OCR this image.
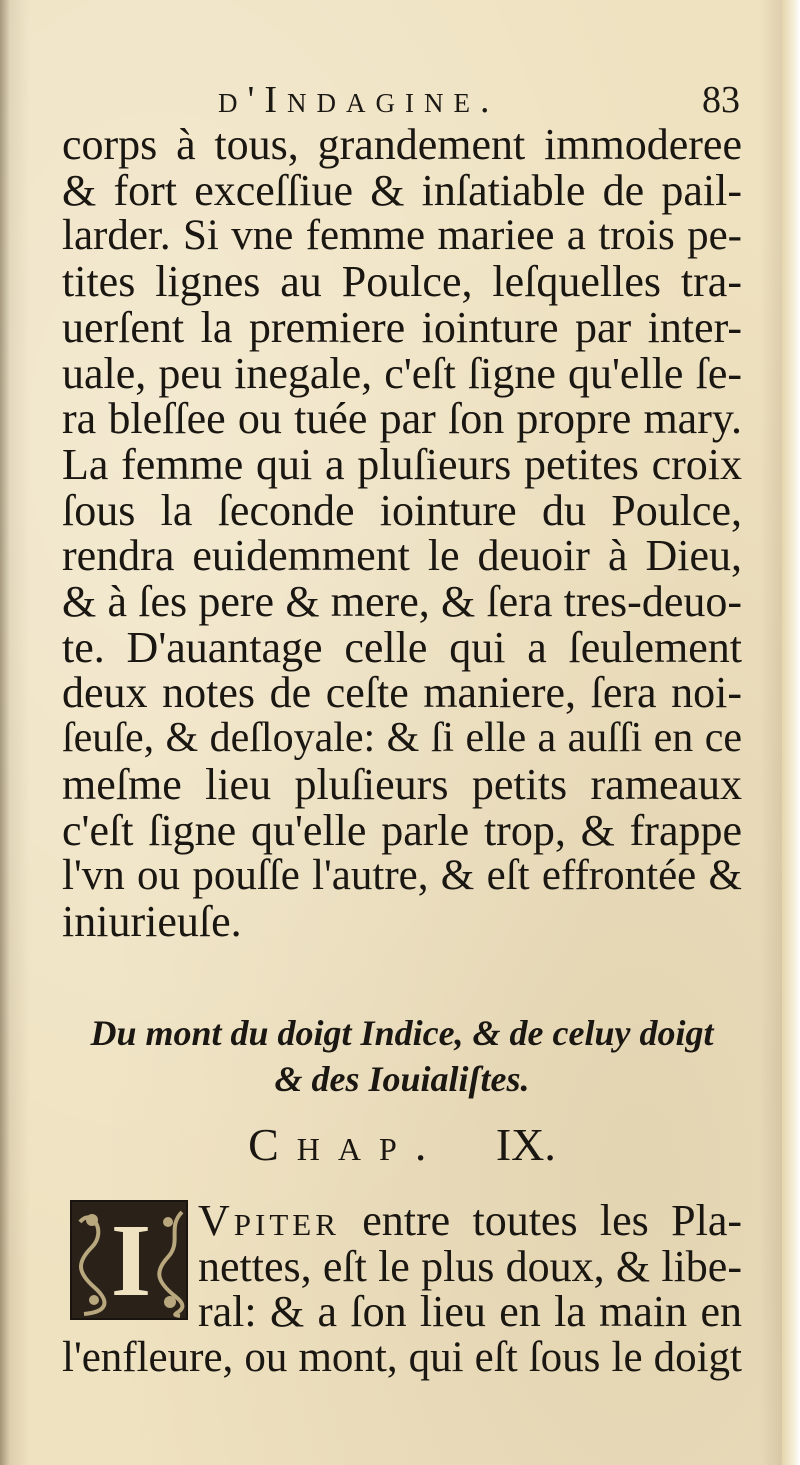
d'Indagine.	83
corps à tous, grandement immoderee
& fort exceſſiue & inſatiable de pail-
larder. Si vne femme mariee a trois pe-
tites lignes au Poulce, leſquelles tra-
uerſent la premiere iointure par inter-
uale, peu inegale, c'eſt ſigne qu'elle ſe-
ra bleſſee ou tuée par ſon propre mary.
La femme qui a pluſieurs petites croix
ſous la ſeconde iointure du Poulce,
rendra euidemment le deuoir à Dieu,
& à ſes pere & mere, & ſera tres-deuo-
te. D'auantage celle qui a ſeulement
deux notes de ceſte maniere, ſera noi-
ſeuſe, & deſloyale: & ſi elle a auſſi en ce
meſme lieu pluſieurs petits rameaux
c'eſt ſigne qu'elle parle trop, & frappe
l'vn ou pouſſe l'autre, & eſt effrontée &
iniurieuſe.
Du mont du doigt Indice, & de celuy doigt
& des Iouialiſtes.
Chap. IX.
I	Vpiter entre toutes les Pla-
nettes, eſt le plus doux, & libe-
ral: & a ſon lieu en la main en
l'enfleure, ou mont, qui eſt ſous le doigt
